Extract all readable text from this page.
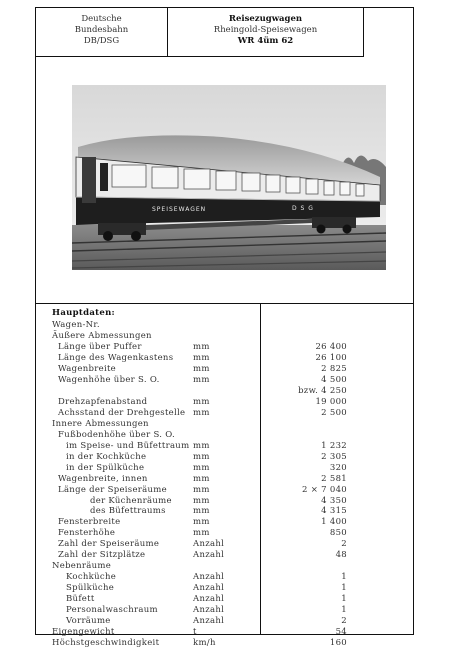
Deutsche
Bundesbahn
DB/DSG
Reisezugwagen
Rheingold-Speisewagen
WR 4üm 62
SPEISEWAGEN	D S G
Hauptdaten:
Wagen-Nr.
Äußere Abmessungen
Länge über Puffer	mm	26 400
Länge des Wagenkastens mm	26 100
Wagenbreite	mm	2 825
Wagenhöhe über S. O.	mm	4 500
bzw. 4 250
Drehzapfenabstand	mm	19 000
Achsstand der Drehgestelle mm	2 500
Innere Abmessungen
Fußbodenhöhe über S. O.
im Speise- und Büfettraum mm	1 232
in der Kochküche	mm	2 305
in der Spülküche	mm	320
Wagenbreite, innen	mm	2 581
Länge der Speiseräume	mm	2 × 7 040
der Küchenräume mm	4 350
des Büfettraums	mm	4 315
Fensterbreite	mm	1 400
Fensterhöhe	mm	850
Zahl der Speiseräume	Anzahl	2
Zahl der Sitzplätze	Anzahl	48
Nebenräume
Kochküche	Anzahl	1
Spülküche	Anzahl	1
Büfett	Anzahl	1
Personalwaschraum	Anzahl	1
Vorräume	Anzahl	2
Eigengewicht	t	54
Höchstgeschwindigkeit	km/h	160
